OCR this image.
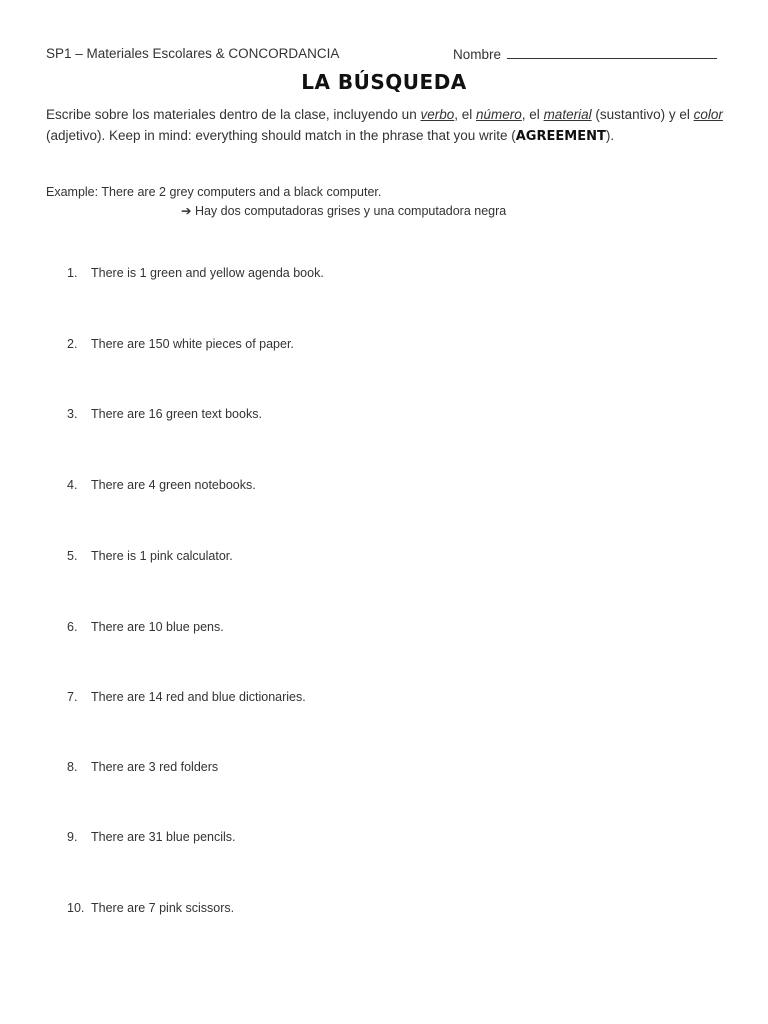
SP1 – Materiales Escolares & CONCORDANCIA	Nombre
LA BÚSQUEDA
Escribe sobre los materiales dentro de la clase, incluyendo un verbo, el número, el material (sustantivo) y el color (adjetivo). Keep in mind: everything should match in the phrase that you write (AGREEMENT).
Example: There are 2 grey computers and a black computer.
➔ Hay dos computadoras grises y una computadora negra
1. There is 1 green and yellow agenda book.
2. There are 150 white pieces of paper.
3. There are 16 green text books.
4. There are 4 green notebooks.
5. There is 1 pink calculator.
6. There are 10 blue pens.
7. There are 14 red and blue dictionaries.
8. There are 3 red folders
9. There are 31 blue pencils.
10. There are 7 pink scissors.
